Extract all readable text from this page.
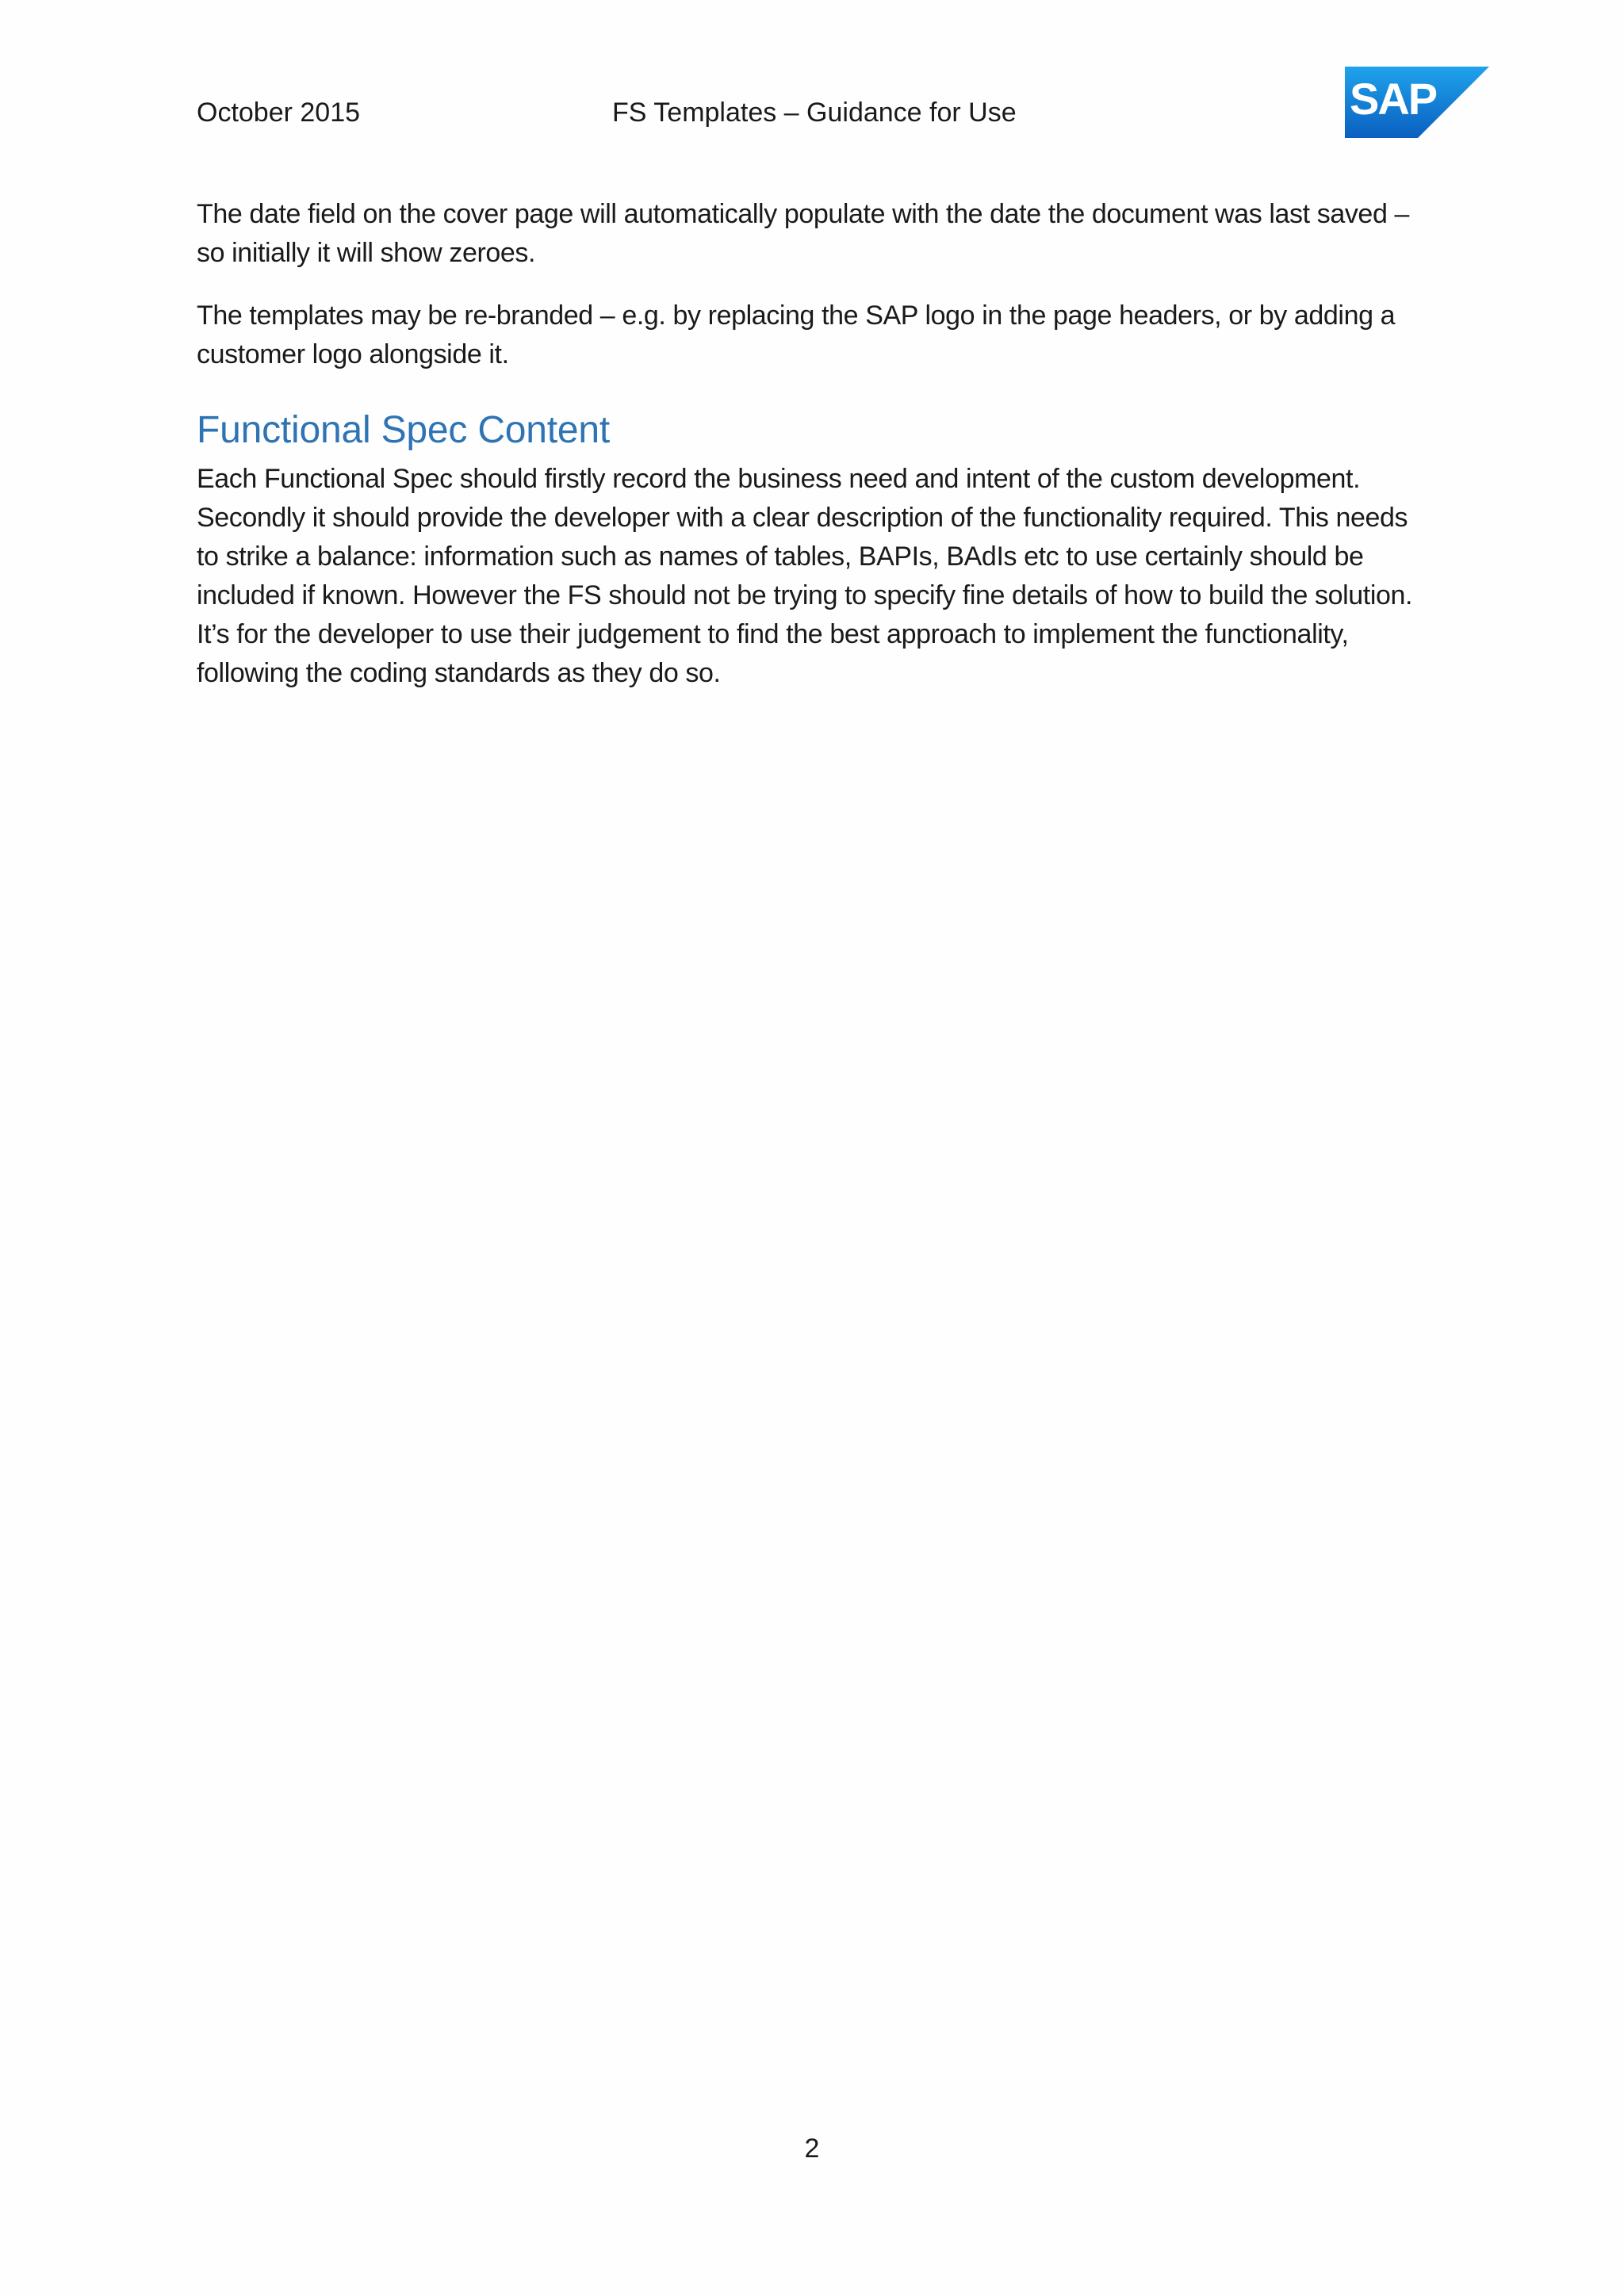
October 2015	FS Templates – Guidance for Use	SAP
®

The date field on the cover page will automatically populate with the date the document was last saved – so initially it will show zeroes.

The templates may be re-branded – e.g. by replacing the SAP logo in the page headers, or by adding a customer logo alongside it.

Functional Spec Content

Each Functional Spec should firstly record the business need and intent of the custom development. Secondly it should provide the developer with a clear description of the functionality required. This needs to strike a balance: information such as names of tables, BAPIs, BAdIs etc to use certainly should be included if known. However the FS should not be trying to specify fine details of how to build the solution. It’s for the developer to use their judgement to find the best approach to implement the functionality, following the coding standards as they do so.

2
